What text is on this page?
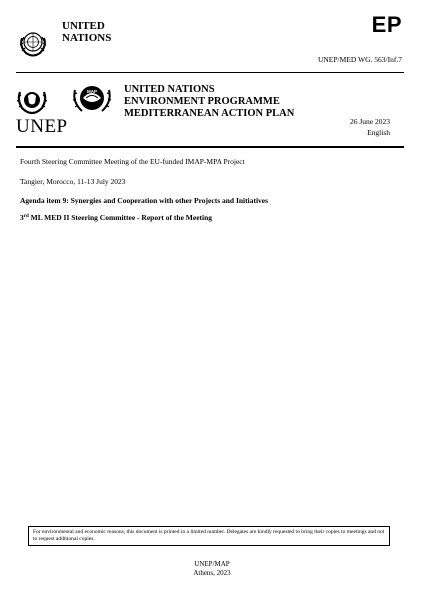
UNITED
NATIONS
EP
UNEP/MED WG. 563/Inf.7
MAP
UNEP
UNITED NATIONS
ENVIRONMENT PROGRAMME
MEDITERRANEAN ACTION PLAN
26 June 2023
English
Fourth Steering Committee Meeting of the EU-funded IMAP-MPA Project
Tangier, Morocco, 11-13 July 2023
Agenda item 9: Synergies and Cooperation with other Projects and Initiatives
3rd ML MED II Steering Committee - Report of the Meeting
For environmental and economic reasons, this document is printed in a limited number. Delegates are kindly requested to bring their copies to meetings and not to request additional copies.
UNEP/MAP
Athens, 2023
